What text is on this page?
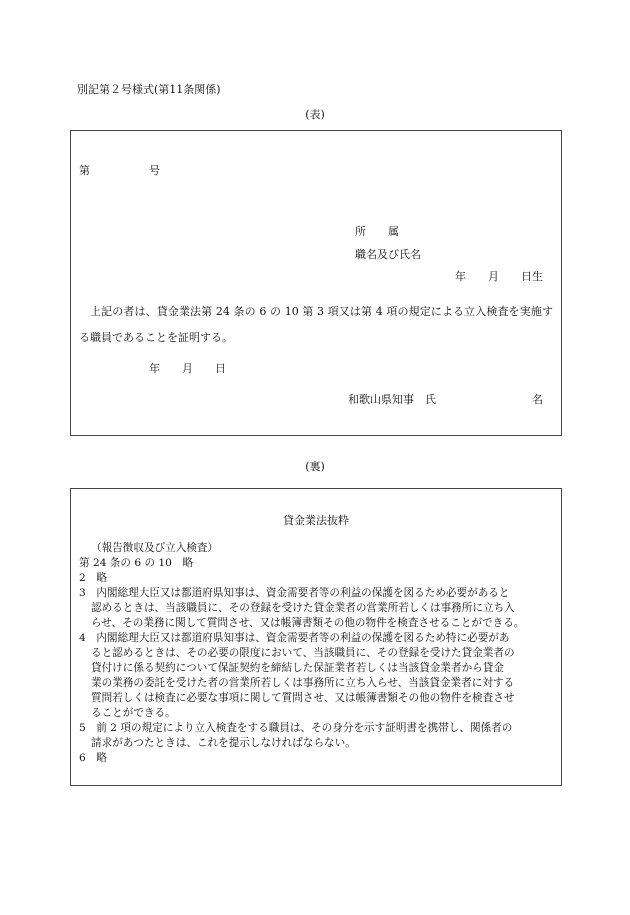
別記第２号様式(第11条関係)
(表)
第	号
所　　属
職名及び氏名
年　　月　　日生
上記の者は、貸金業法第 24 条の 6 の 10 第 3 項又は第 4 項の規定による立入検査を実施する職員であることを証明する。
年　　月　　日
和歌山県知事　氏	名
(裏)
貸金業法抜粋
（報告徴収及び立入検査）
第 24 条の 6 の 10　略
2　略
3　内閣総理大臣又は都道府県知事は、資金需要者等の利益の保護を図るため必要があると
認めるときは、当該職員に、その登録を受けた貸金業者の営業所若しくは事務所に立ち入
らせ、その業務に関して質問させ、又は帳簿書類その他の物件を検査させることができる。
4　内閣総理大臣又は都道府県知事は、資金需要者等の利益の保護を図るため特に必要があ
ると認めるときは、その必要の限度において、当該職員に、その登録を受けた貸金業者の
貸付けに係る契約について保証契約を締結した保証業者若しくは当該貸金業者から貸金
業の業務の委託を受けた者の営業所若しくは事務所に立ち入らせ、当該貸金業者に対する
質問若しくは検査に必要な事項に関して質問させ、又は帳簿書類その他の物件を検査させ
ることができる。
5　前 2 項の規定により立入検査をする職員は、その身分を示す証明書を携帯し、関係者の
請求があつたときは、これを提示しなければならない。
6　略
